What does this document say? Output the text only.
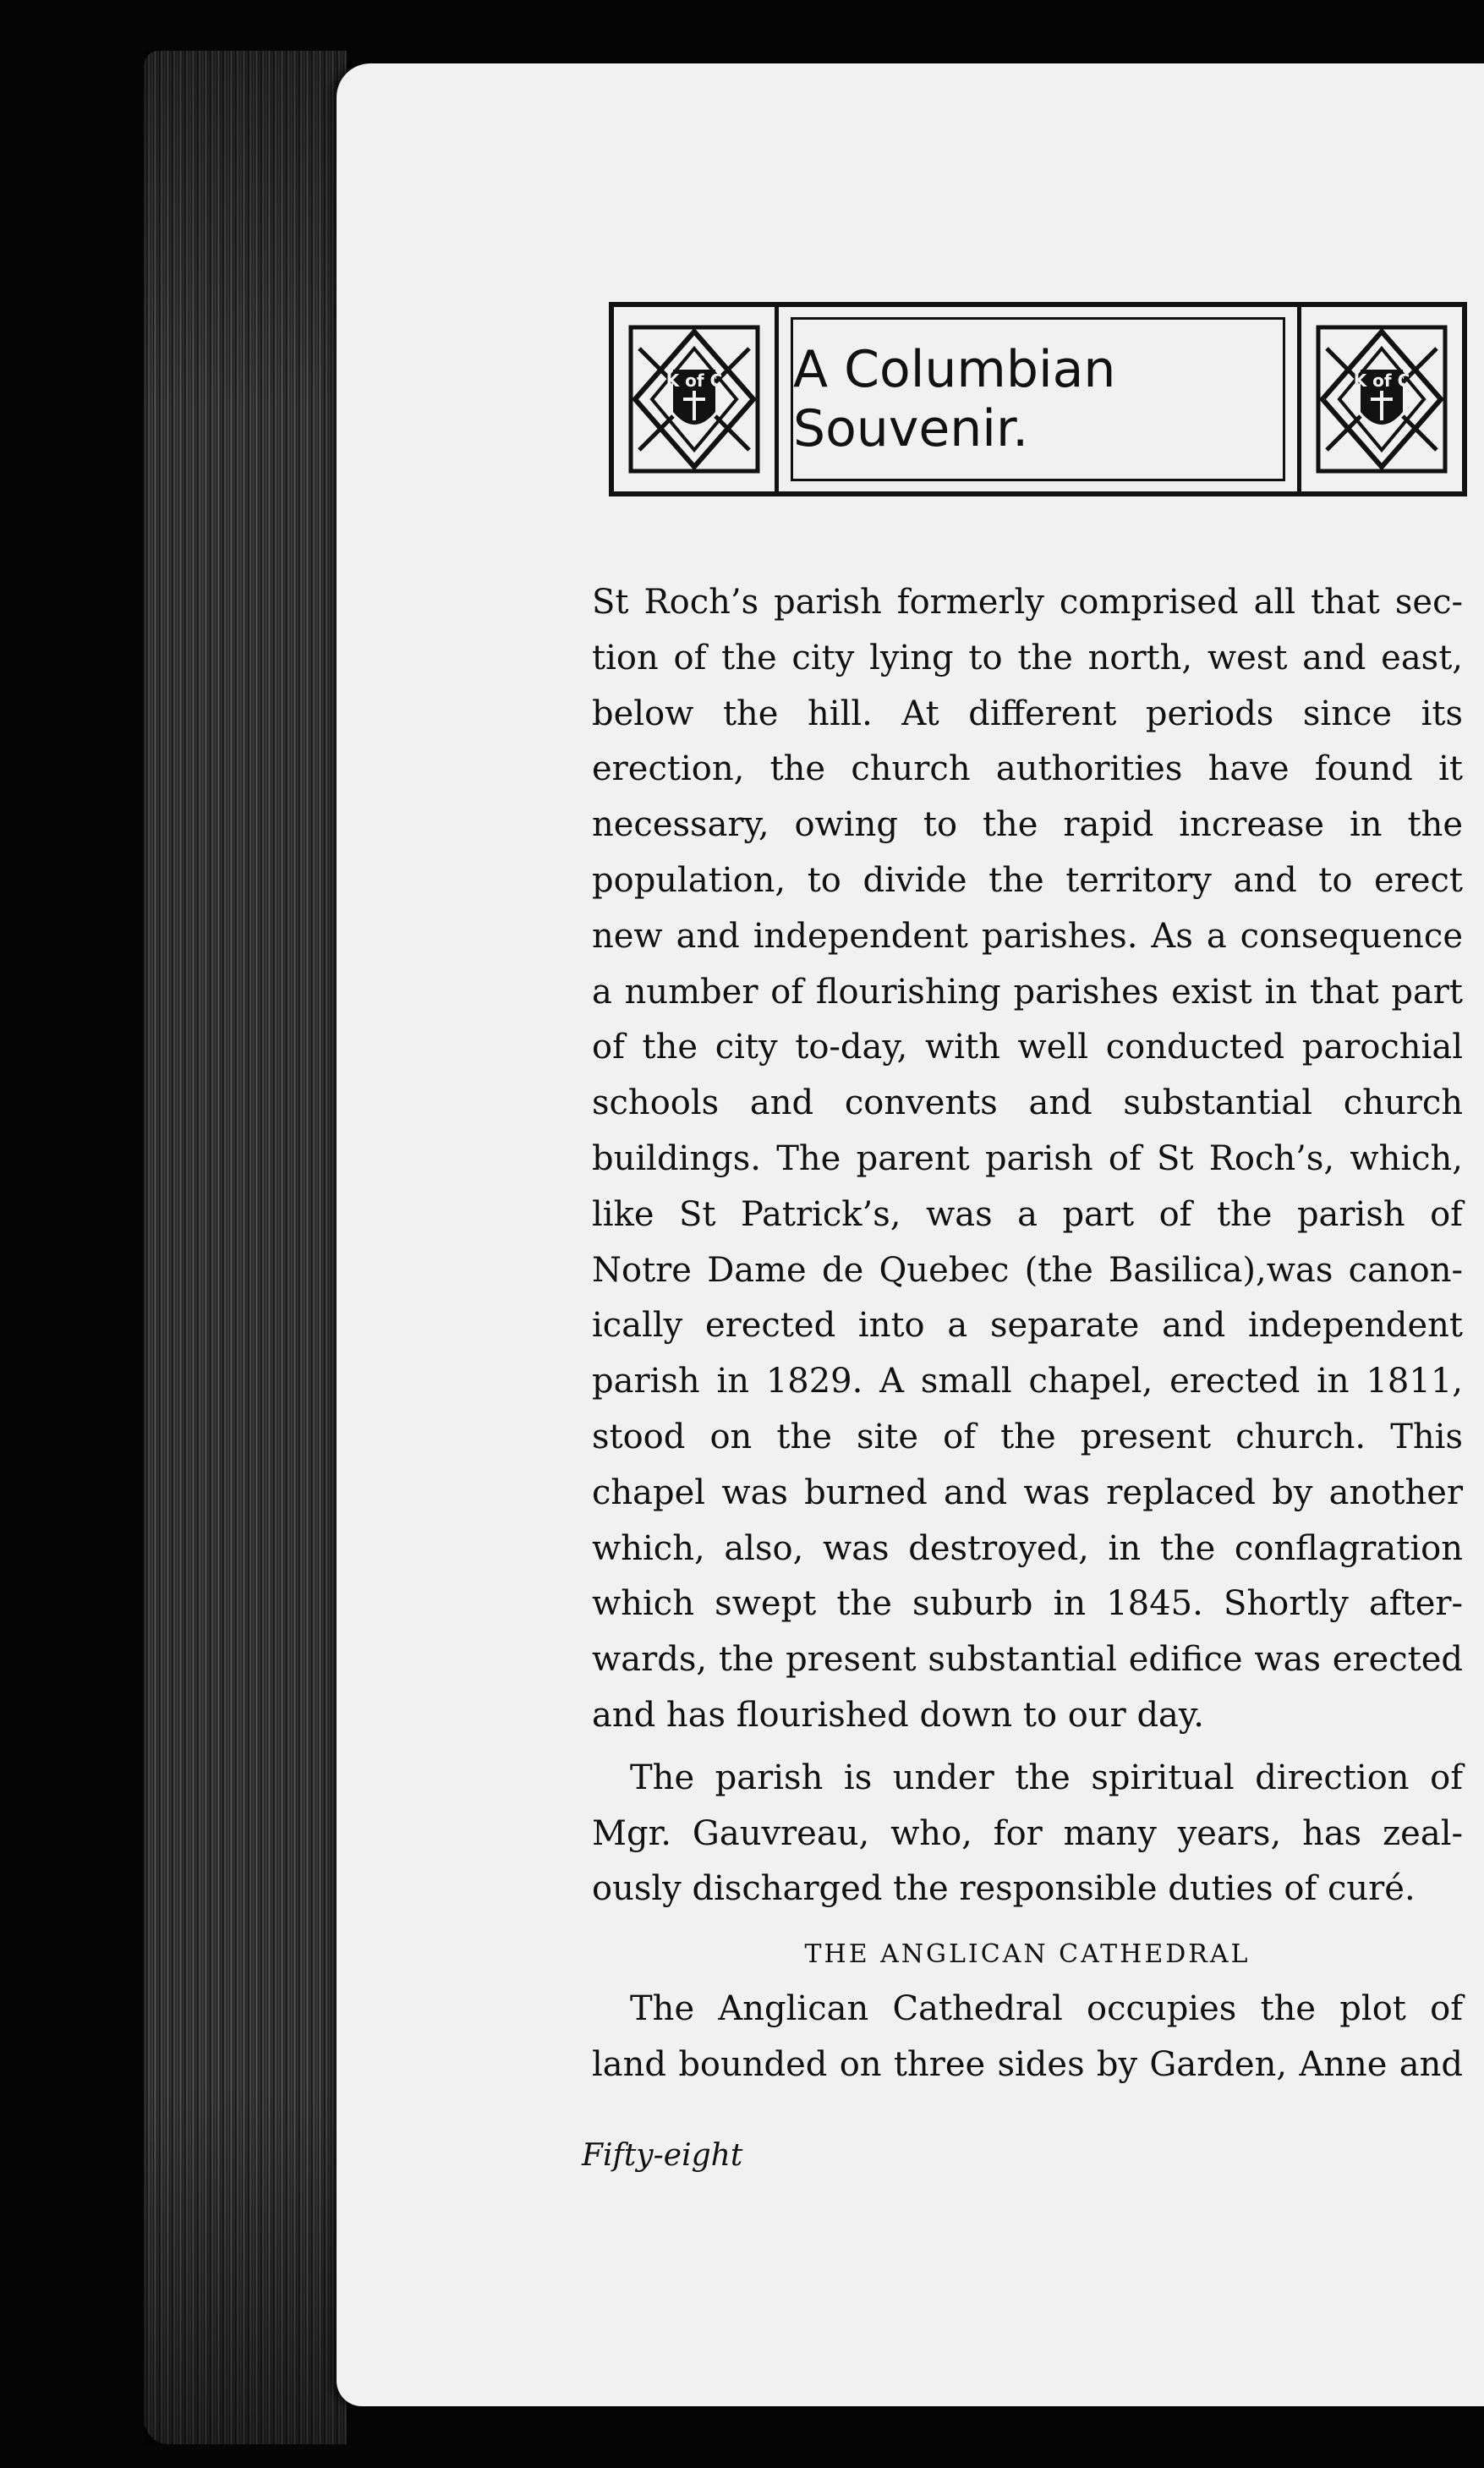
K of C A Columbian Souvenir.
K of C
St Roch’s parish formerly comprised all that sec-
tion of the city lying to the north, west and east,
below the hill. At different periods since its
erection, the church authorities have found it
necessary, owing to the rapid increase in the
population, to divide the territory and to erect
new and independent parishes. As a consequence
a number of flourishing parishes exist in that part
of the city to-day, with well conducted parochial
schools and convents and substantial church
buildings. The parent parish of St Roch’s, which,
like St Patrick’s, was a part of the parish of
Notre Dame de Quebec (the Basilica),was canon-
ically erected into a separate and independent
parish in 1829. A small chapel, erected in 1811,
stood on the site of the present church. This
chapel was burned and was replaced by another
which, also, was destroyed, in the conflagration
which swept the suburb in 1845. Shortly after-
wards, the present substantial edifice was erected
and has flourished down to our day.
The parish is under the spiritual direction of
Mgr. Gauvreau, who, for many years, has zeal-
ously discharged the responsible duties of curé.
THE ANGLICAN CATHEDRAL
The Anglican Cathedral occupies the plot of
land bounded on three sides by Garden, Anne and
Fifty-eight
